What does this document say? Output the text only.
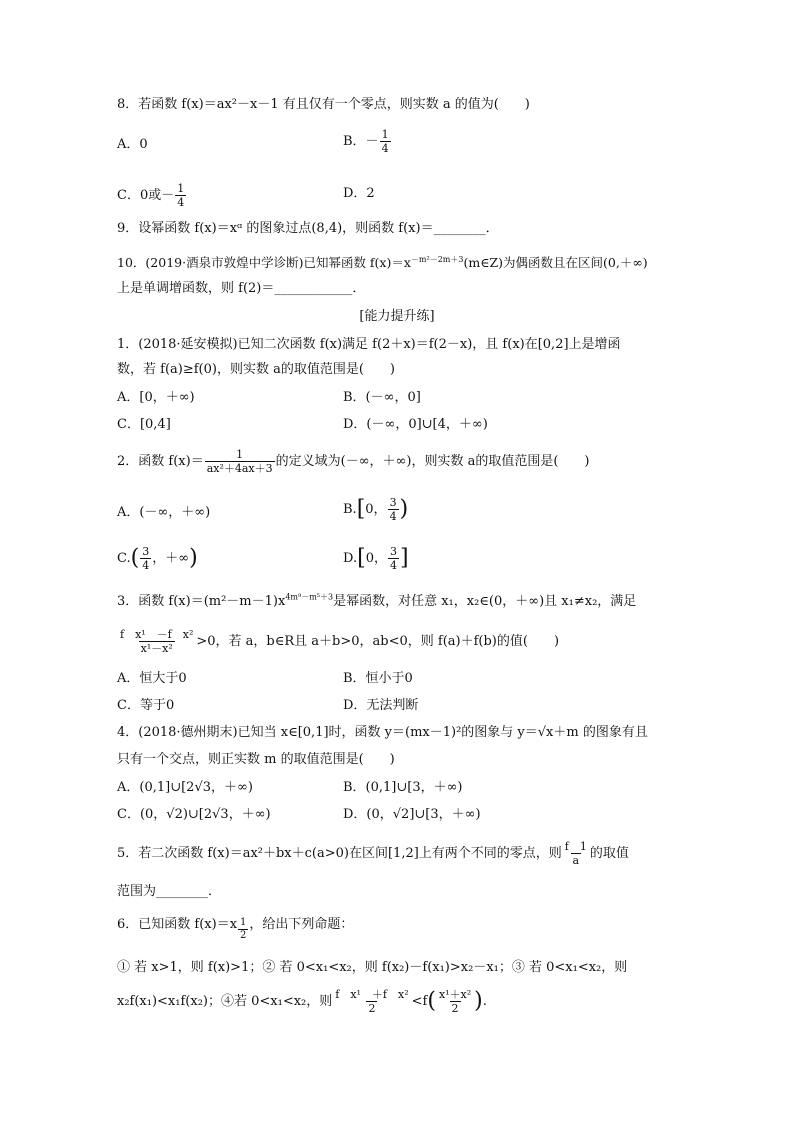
8．若函数 f(x)＝ax²－x－1 有且仅有一个零点，则实数 a 的值为(　　)
A．0	B．－ $\frac{1}{4}$
C．0或－ $\frac{1}{4}$	D．2
9．设幂函数 f(x)＝xᵅ 的图象过点(8,4)，则函数 f(x)＝________．
10．(2019·酒泉市敦煌中学诊断)已知幂函数 $f(x)=x^{-m^2-2m+3}(m\in Z)$为偶函数且在区间(0,＋∞)
上是单调增函数，则 f(2)＝____________．
[能力提升练]
1．(2018·延安模拟)已知二次函数 f(x)满足 f(2＋x)＝f(2－x)，且 f(x)在[0,2]上是增函
数，若 f(a)≥f(0)，则实数 a的取值范围是(　　)
A．[0，＋∞)	B．(－∞，0]
C．[0,4]	D．(－∞，0]∪[4，＋∞)
2．函数 $f(x)= \frac{1}{\text{ax²＋4ax＋3}}$ 的定义域为(－∞，＋∞)，则实数 a的取值范围是(　　)
A．(－∞，＋∞)	B.[0， $\frac{3}{4}$ )
$C.( \frac{3}{4}$ ，＋∞)	D.[0， $\frac{3}{4}$ ]
3．函数 $f(x)=(m^2-m-1)x^{4m^9-m^5+3}$是幂函数，对任意 x₁，x₂∈(0，＋∞)且 x₁≠x₂，满足
$\frac{\text{f　x¹　－f　x²}}{\text{x¹－x²}} >0$，若 a，b∈R且 a＋b>0，ab<0，则 f(a)＋f(b)的值(　　)
A．恒大于0	B．恒小于0
C．等于0	D．无法判断
4．(2018·德州期末)已知当 x∈[0,1]时，函数 y＝(mx－1)²的图象与 y＝√x＋m 的图象有且
只有一个交点，则正实数 m 的取值范围是(　　)
A．(0,1]∪[2√3，＋∞)	B．(0,1]∪[3，＋∞)
C．(0，√2)∪[2√3，＋∞)	D．(0，√2]∪[3，＋∞)
5．若二次函数 f(x)＝ax²＋bx＋c(a>0)在区间[1,2]上有两个不同的零点，则 $\frac{f 1}{a}$ 的取值
范围为________．
6．已知函数 $f(x)=x \frac{1}{2}$ ，给出下列命题：
① 若 x>1，则 f(x)>1；② 若 0<x₁<x₂，则 f(x₂)－f(x₁)>x₂－x₁；③ 若 0<x₁<x₂，则
x₂f(x₁)<x₁f(x₂)；④若 0<x₁<x₂，则 $\frac{\text{f　x¹　＋f　x²}}{2} <f( \frac{\text{x¹＋x²}}{2}$ ).
